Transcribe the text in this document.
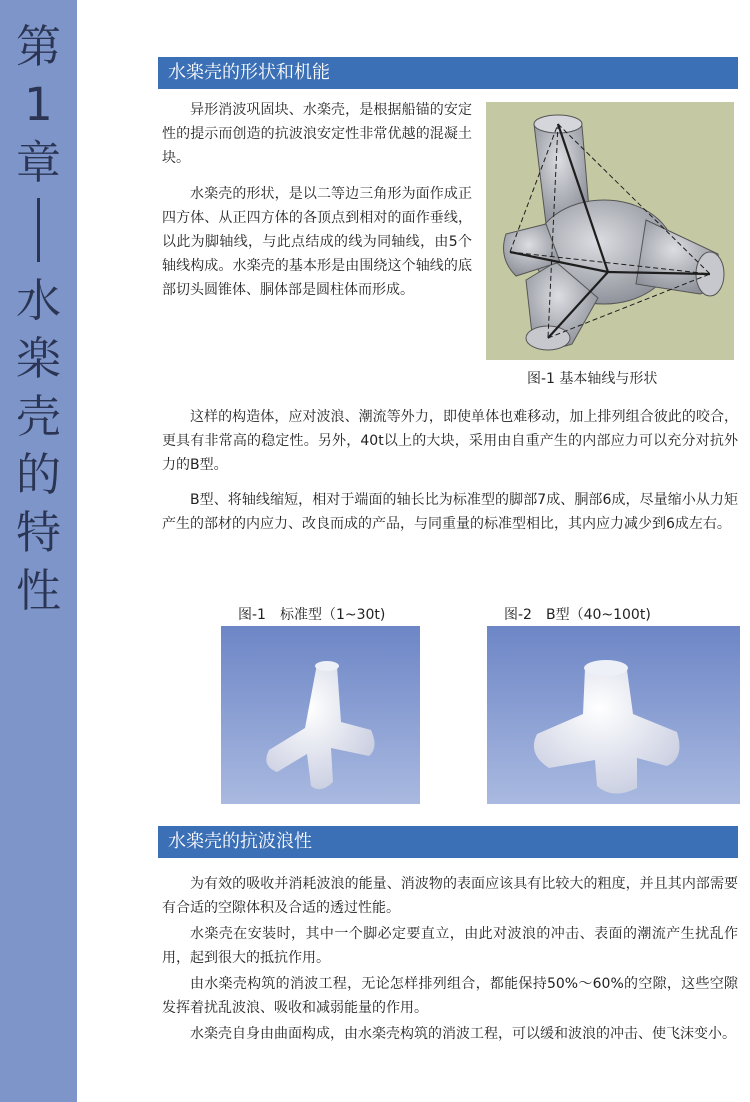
第
1
章
水
楽
壳
的
特
性
水楽壳的形状和机能

异形消波巩固块、水楽壳，是根据船锚的安定性的提示而创造的抗波浪安定性非常优越的混凝土块。

水楽壳的形状，是以二等边三角形为面作成正四方体、从正四方体的各顶点到相对的面作垂线，以此为脚轴线，与此点结成的线为同轴线，由5个轴线构成。水楽壳的基本形是由围绕这个轴线的底部切头圆锥体、胴体部是圆柱体而形成。

图-1 基本轴线与形状

这样的构造体，应对波浪、潮流等外力，即使单体也难移动，加上排列组合彼此的咬合，更具有非常高的稳定性。另外，40t以上的大块，采用由自重产生的内部应力可以充分对抗外力的B型。

B型、将轴线缩短，相对于端面的轴长比为标准型的脚部7成、胴部6成，尽量缩小从力矩产生的部材的内应力、改良而成的产品，与同重量的标准型相比，其内应力减少到6成左右。

图-1　标准型（1~30t)	图-2　B型（40~100t)
水楽壳的抗波浪性

为有效的吸收并消耗波浪的能量、消波物的表面应该具有比较大的粗度，并且其内部需要有合适的空隙体积及合适的透过性能。

水楽壳在安装时，其中一个脚必定要直立，由此对波浪的冲击、表面的潮流产生扰乱作用，起到很大的抵抗作用。

由水楽壳构筑的消波工程，无论怎样排列组合，都能保持50%～60%的空隙，这些空隙发挥着扰乱波浪、吸收和减弱能量的作用。

水楽壳自身由曲面构成，由水楽壳构筑的消波工程，可以缓和波浪的冲击、使飞沫变小。
